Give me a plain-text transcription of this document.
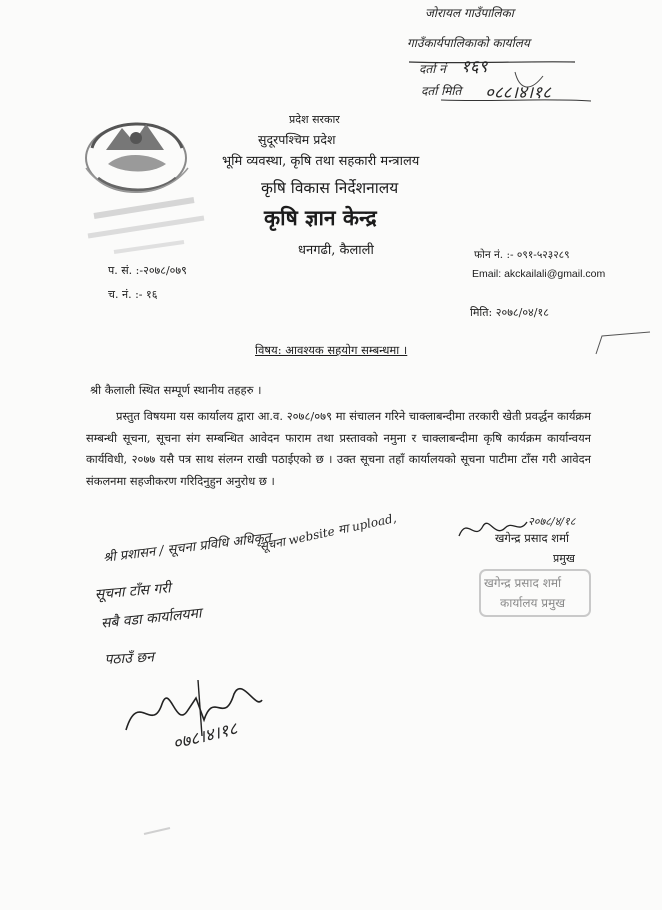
जोरायल गाउँपालिका
गाउँकार्यपालिकाको कार्यालय
दर्ता नं १६९
दर्ता मिति ०८८।४।१८
प्रदेश सरकार
सुदूरपश्चिम प्रदेश
भूमि व्यवस्था, कृषि तथा सहकारी मन्त्रालय
कृषि विकास निर्देशनालय
कृषि ज्ञान केन्द्र
धनगढी, कैलाली	फोन नं. :- ०९१-५२३२८९
Email: akckailali@gmail.com
प. सं. :-२०७८/०७९
च. नं. :- १६
मिति: २०७८/०४/१८
विषय: आवश्यक सहयोग सम्बन्धमा ।
श्री कैलाली स्थित सम्पूर्ण स्थानीय तहहरु ।
प्रस्तुत विषयमा यस कार्यालय द्वारा आ.व. २०७८/०७९ मा संचालन गरिने चाक्लाबन्दीमा तरकारी खेती प्रवर्द्धन कार्यक्रम सम्बन्धी सूचना, सूचना संग सम्बन्धित आवेदन फाराम तथा प्रस्तावको नमुना र चाक्लाबन्दीमा कृषि कार्यक्रम कार्यान्वयन कार्यविधी, २०७७ यसै पत्र साथ संलग्न राखी पठाईएको छ । उक्त सूचना तहाँ कार्यालयको सूचना पाटीमा टाँस गरी आवेदन संकलनमा सहजीकरण गरिदिनुहुन अनुरोध छ ।
२०७८/४/१८
खगेन्द्र प्रसाद शर्मा
प्रमुख
खगेन्द्र प्रसाद शर्मा
कार्यालय प्रमुख
श्री प्रशासन / सूचना प्रविधि अधिकृत
सूचना website मा upload,
सूचना टाँस गरी
सबै वडा कार्यालयमा
पठाउँ छन
०७८।४।१८
